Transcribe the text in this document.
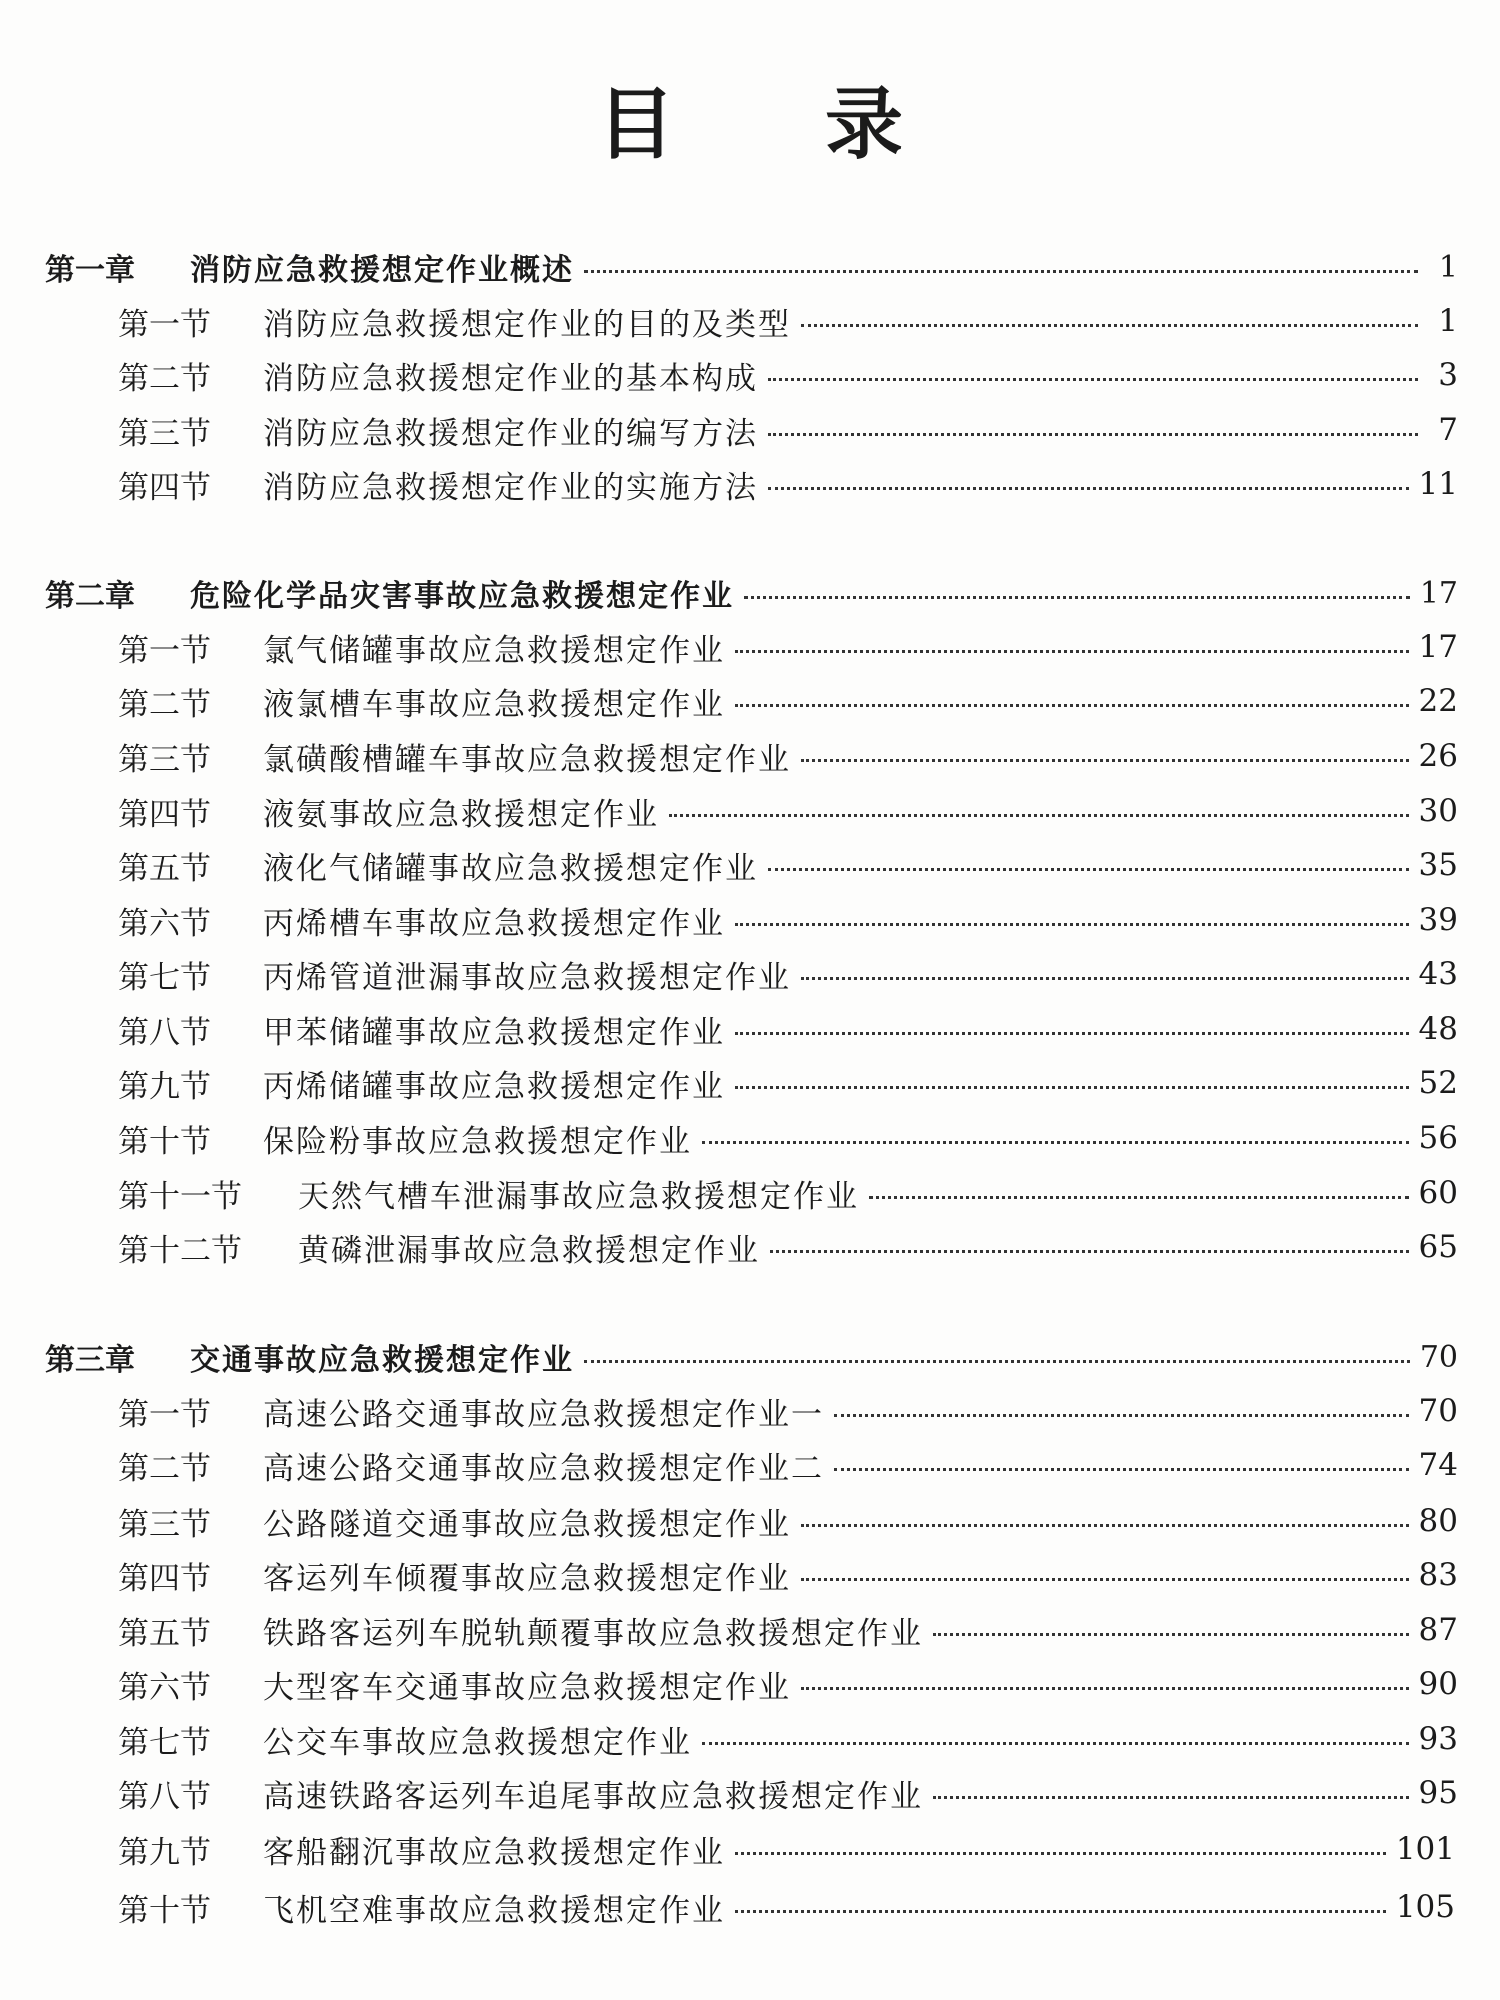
目 录
第一章	消防应急救援想定作业概述	1
第一节	消防应急救援想定作业的目的及类型	1
第二节	消防应急救援想定作业的基本构成	3
第三节	消防应急救援想定作业的编写方法	7
第四节	消防应急救援想定作业的实施方法	11
第二章	危险化学品灾害事故应急救援想定作业	17
第一节	氯气储罐事故应急救援想定作业	17
第二节	液氯槽车事故应急救援想定作业	22
第三节	氯磺酸槽罐车事故应急救援想定作业	26
第四节	液氨事故应急救援想定作业	30
第五节	液化气储罐事故应急救援想定作业	35
第六节	丙烯槽车事故应急救援想定作业	39
第七节	丙烯管道泄漏事故应急救援想定作业	43
第八节	甲苯储罐事故应急救援想定作业	48
第九节	丙烯储罐事故应急救援想定作业	52
第十节	保险粉事故应急救援想定作业	56
第十一节	天然气槽车泄漏事故应急救援想定作业	60
第十二节	黄磷泄漏事故应急救援想定作业	65
第三章	交通事故应急救援想定作业	70
第一节	高速公路交通事故应急救援想定作业一	70
第二节	高速公路交通事故应急救援想定作业二	74
第三节	公路隧道交通事故应急救援想定作业	80
第四节	客运列车倾覆事故应急救援想定作业	83
第五节	铁路客运列车脱轨颠覆事故应急救援想定作业	87
第六节	大型客车交通事故应急救援想定作业	90
第七节	公交车事故应急救援想定作业	93
第八节	高速铁路客运列车追尾事故应急救援想定作业	95
第九节	客船翻沉事故应急救援想定作业	101
第十节	飞机空难事故应急救援想定作业	105
